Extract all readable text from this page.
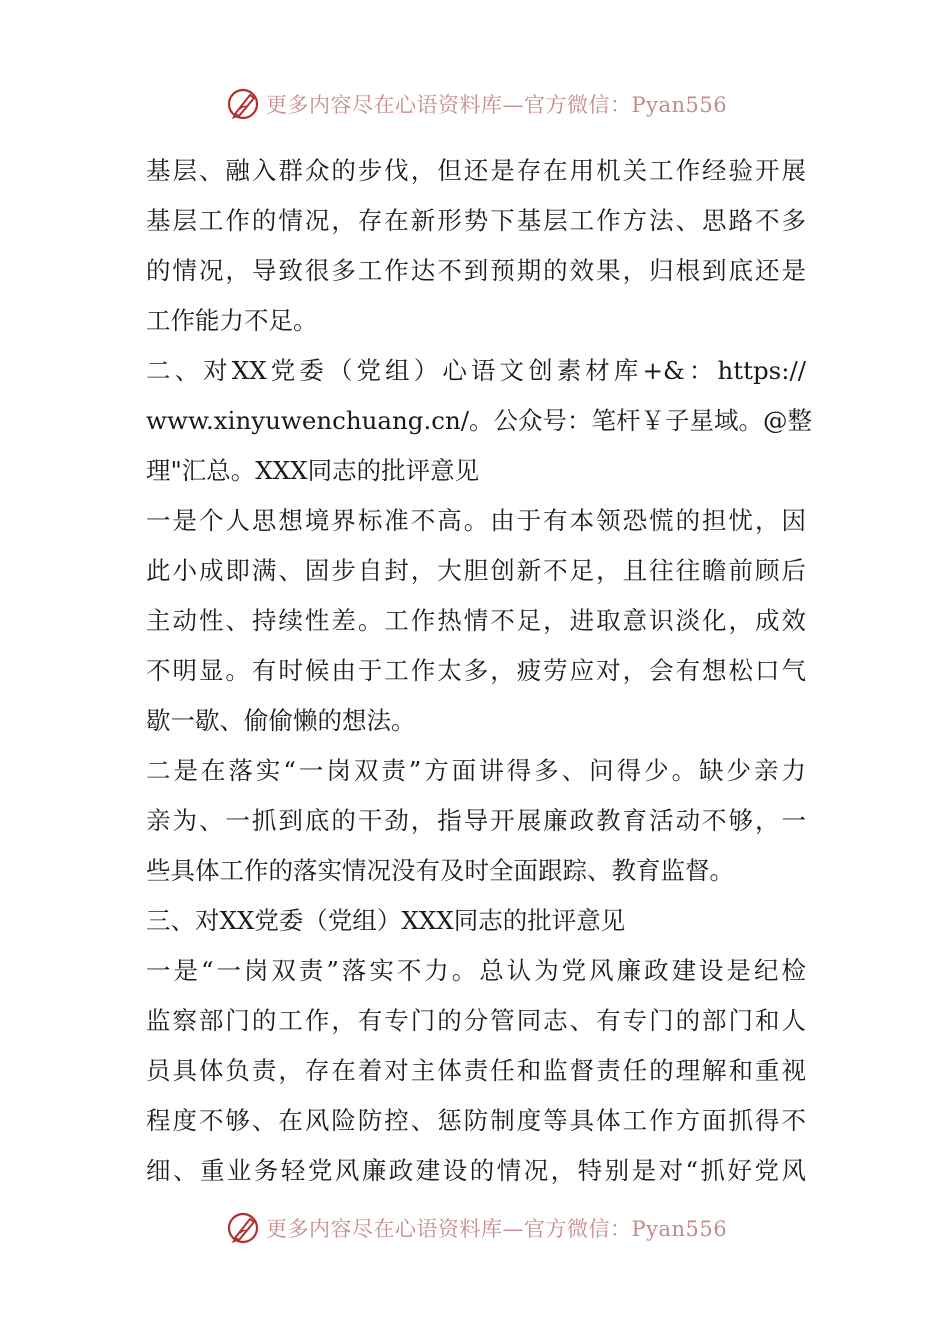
更多内容尽在心语资料库—官方微信：Pyan556
基层、融入群众的步伐，但还是存在用机关工作经验开展
基层工作的情况，存在新形势下基层工作方法、思路不多
的情况，导致很多工作达不到预期的效果，归根到底还是
工作能力不足。
二、对XX党委（党组）心语文创素材库+&：https://
www.xinyuwenchuang.cn/。公众号：笔杆￥子星域。@整
理"汇总。XXX同志的批评意见
一是个人思想境界标准不高。由于有本领恐慌的担忧，因
此小成即满、固步自封，大胆创新不足，且往往瞻前顾后
主动性、持续性差。工作热情不足，进取意识淡化，成效
不明显。有时候由于工作太多，疲劳应对，会有想松口气
歇一歇、偷偷懒的想法。
二是在落实“一岗双责”方面讲得多、问得少。缺少亲力
亲为、一抓到底的干劲，指导开展廉政教育活动不够，一
些具体工作的落实情况没有及时全面跟踪、教育监督。
三、对XX党委（党组）XXX同志的批评意见
一是“一岗双责”落实不力。总认为党风廉政建设是纪检
监察部门的工作，有专门的分管同志、有专门的部门和人
员具体负责，存在着对主体责任和监督责任的理解和重视
程度不够、在风险防控、惩防制度等具体工作方面抓得不
细、重业务轻党风廉政建设的情况，特别是对“抓好党风
更多内容尽在心语资料库—官方微信：Pyan556
